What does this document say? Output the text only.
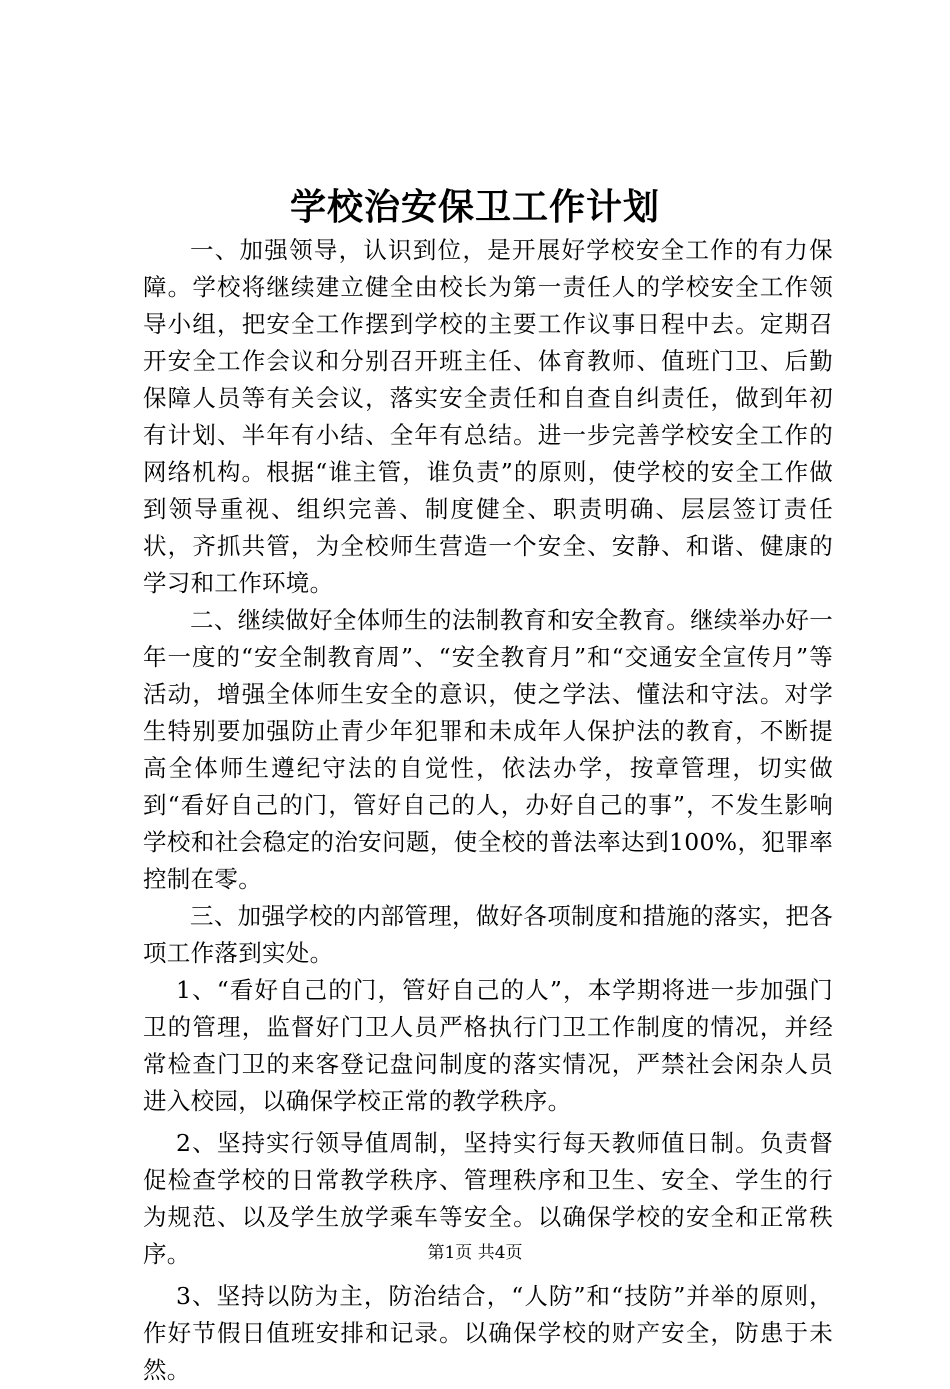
学校治安保卫工作计划

一、加强领导，认识到位，是开展好学校安全工作的有力保障。学校将继续建立健全由校长为第一责任人的学校安全工作领导小组，把安全工作摆到学校的主要工作议事日程中去。定期召开安全工作会议和分别召开班主任、体育教师、值班门卫、后勤保障人员等有关会议，落实安全责任和自查自纠责任，做到年初有计划、半年有小结、全年有总结。进一步完善学校安全工作的网络机构。根据“谁主管，谁负责”的原则，使学校的安全工作做到领导重视、组织完善、制度健全、职责明确、层层签订责任状，齐抓共管，为全校师生营造一个安全、安静、和谐、健康的学习和工作环境。

二、继续做好全体师生的法制教育和安全教育。继续举办好一年一度的“安全制教育周”、“安全教育月”和“交通安全宣传月”等活动，增强全体师生安全的意识，使之学法、懂法和守法。对学生特别要加强防止青少年犯罪和未成年人保护法的教育，不断提高全体师生遵纪守法的自觉性，依法办学，按章管理，切实做到“看好自己的门，管好自己的人，办好自己的事”，不发生影响学校和社会稳定的治安问题，使全校的普法率达到100%，犯罪率控制在零。

三、加强学校的内部管理，做好各项制度和措施的落实，把各项工作落到实处。

1、“看好自己的门，管好自己的人”，本学期将进一步加强门卫的管理，监督好门卫人员严格执行门卫工作制度的情况，并经常检查门卫的来客登记盘问制度的落实情况，严禁社会闲杂人员进入校园，以确保学校正常的教学秩序。

2、坚持实行领导值周制，坚持实行每天教师值日制。负责督促检查学校的日常教学秩序、管理秩序和卫生、安全、学生的行为规范、以及学生放学乘车等安全。以确保学校的安全和正常秩序。

3、坚持以防为主，防治结合，“人防”和“技防”并举的原则，作好节假日值班安排和记录。以确保学校的财产安全，防患于未然。

第1页 共4页
